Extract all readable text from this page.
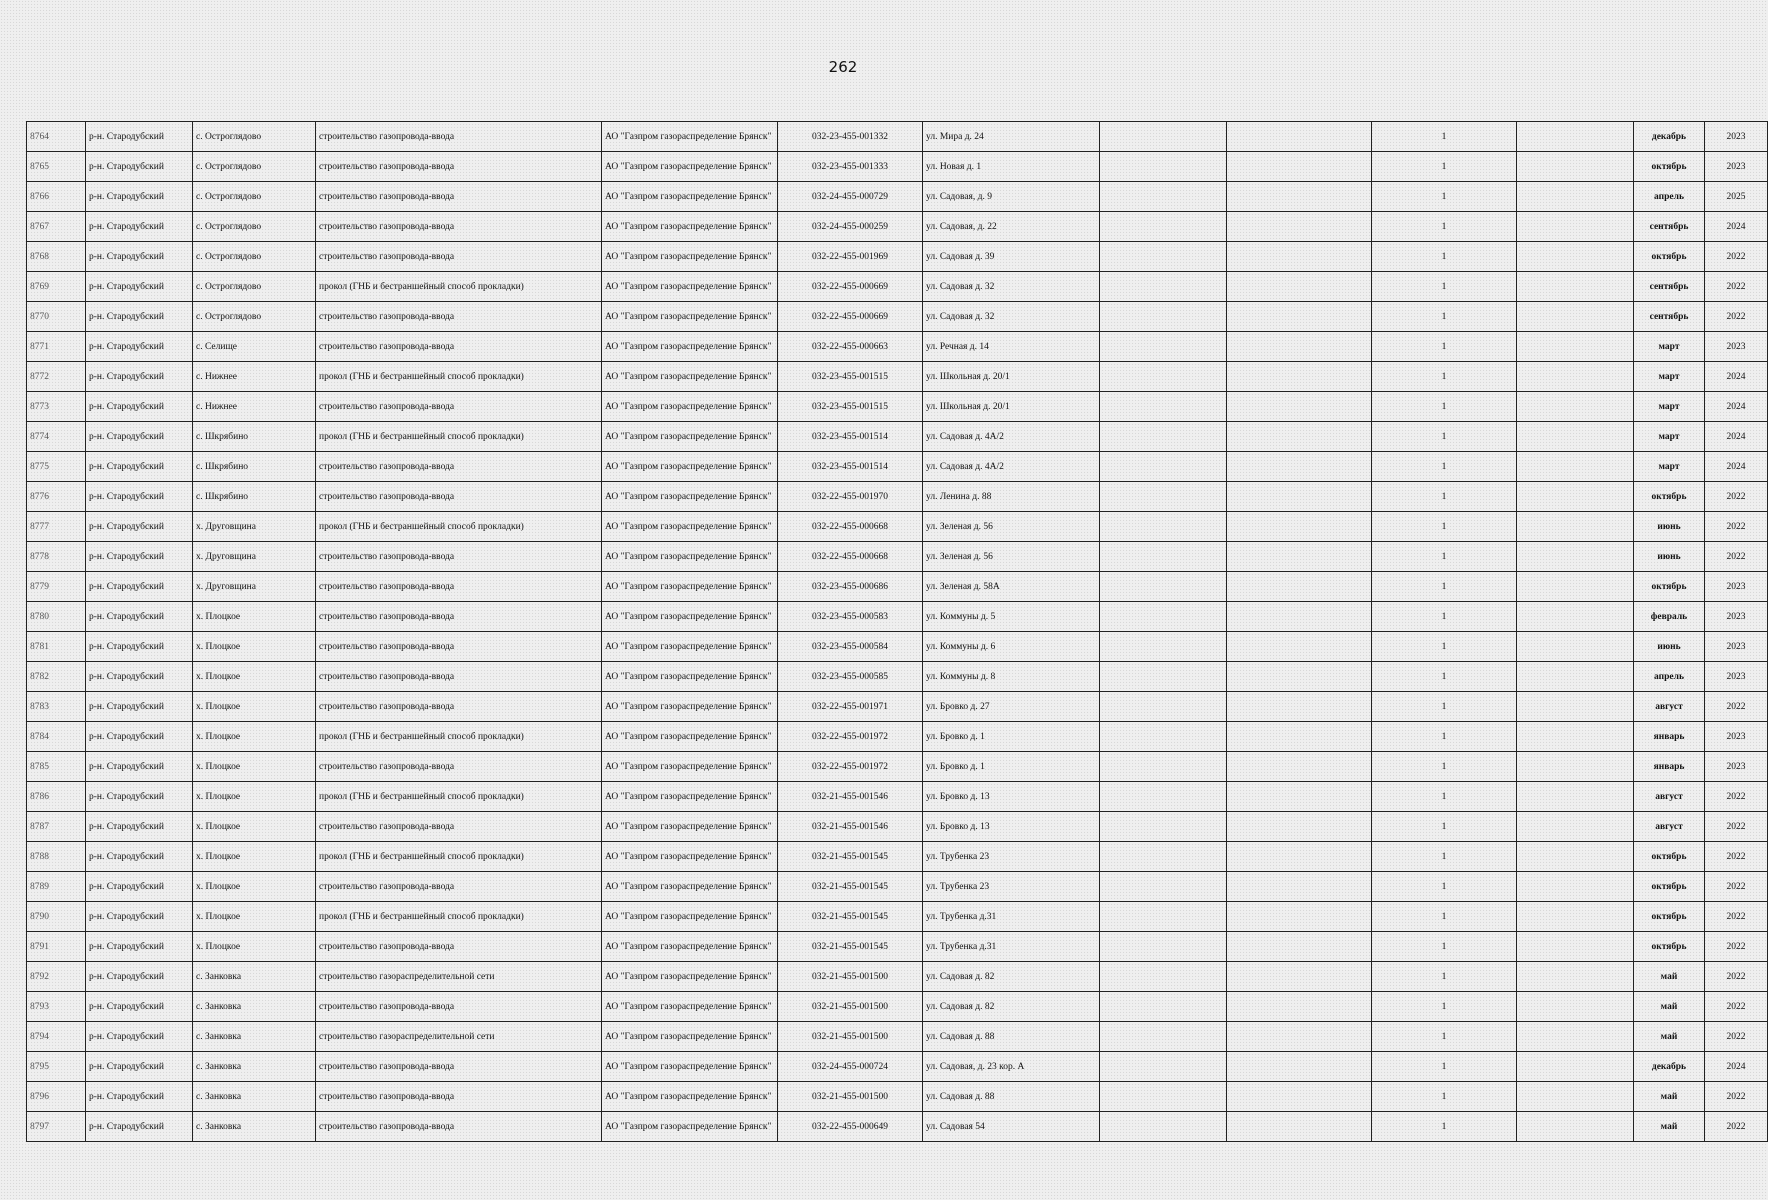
262
8764	р-н. Стародубский	с. Остроглядово	строительство газопровода-ввода	АО "Газпром газораспределение Брянск"	032-23-455-001332	ул. Мира д. 24			1		декабрь	2023
8765	р-н. Стародубский	с. Остроглядово	строительство газопровода-ввода	АО "Газпром газораспределение Брянск"	032-23-455-001333	ул. Новая д. 1			1		октябрь	2023
8766	р-н. Стародубский	с. Остроглядово	строительство газопровода-ввода	АО "Газпром газораспределение Брянск"	032-24-455-000729	ул. Садовая, д. 9			1		апрель	2025
8767	р-н. Стародубский	с. Остроглядово	строительство газопровода-ввода	АО "Газпром газораспределение Брянск"	032-24-455-000259	ул. Садовая, д. 22			1		сентябрь	2024
8768	р-н. Стародубский	с. Остроглядово	строительство газопровода-ввода	АО "Газпром газораспределение Брянск"	032-22-455-001969	ул. Садовая д. 39			1		октябрь	2022
8769	р-н. Стародубский	с. Остроглядово	прокол (ГНБ и бестраншейный способ прокладки)	АО "Газпром газораспределение Брянск"	032-22-455-000669	ул. Садовая д. 32			1		сентябрь	2022
8770	р-н. Стародубский	с. Остроглядово	строительство газопровода-ввода	АО "Газпром газораспределение Брянск"	032-22-455-000669	ул. Садовая д. 32			1		сентябрь	2022
8771	р-н. Стародубский	с. Селище	строительство газопровода-ввода	АО "Газпром газораспределение Брянск"	032-22-455-000663	ул. Речная д. 14			1		март	2023
8772	р-н. Стародубский	с. Нижнее	прокол (ГНБ и бестраншейный способ прокладки)	АО "Газпром газораспределение Брянск"	032-23-455-001515	ул. Школьная д. 20/1			1		март	2024
8773	р-н. Стародубский	с. Нижнее	строительство газопровода-ввода	АО "Газпром газораспределение Брянск"	032-23-455-001515	ул. Школьная д. 20/1			1		март	2024
8774	р-н. Стародубский	с. Шкрябино	прокол (ГНБ и бестраншейный способ прокладки)	АО "Газпром газораспределение Брянск"	032-23-455-001514	ул. Садовая д. 4А/2			1		март	2024
8775	р-н. Стародубский	с. Шкрябино	строительство газопровода-ввода	АО "Газпром газораспределение Брянск"	032-23-455-001514	ул. Садовая д. 4А/2			1		март	2024
8776	р-н. Стародубский	с. Шкрябино	строительство газопровода-ввода	АО "Газпром газораспределение Брянск"	032-22-455-001970	ул. Ленина д. 88			1		октябрь	2022
8777	р-н. Стародубский	х. Друговщина	прокол (ГНБ и бестраншейный способ прокладки)	АО "Газпром газораспределение Брянск"	032-22-455-000668	ул. Зеленая д. 56			1		июнь	2022
8778	р-н. Стародубский	х. Друговщина	строительство газопровода-ввода	АО "Газпром газораспределение Брянск"	032-22-455-000668	ул. Зеленая д. 56			1		июнь	2022
8779	р-н. Стародубский	х. Друговщина	строительство газопровода-ввода	АО "Газпром газораспределение Брянск"	032-23-455-000686	ул. Зеленая д. 58А			1		октябрь	2023
8780	р-н. Стародубский	х. Плоцкое	строительство газопровода-ввода	АО "Газпром газораспределение Брянск"	032-23-455-000583	ул. Коммуны д. 5			1		февраль	2023
8781	р-н. Стародубский	х. Плоцкое	строительство газопровода-ввода	АО "Газпром газораспределение Брянск"	032-23-455-000584	ул. Коммуны д. 6			1		июнь	2023
8782	р-н. Стародубский	х. Плоцкое	строительство газопровода-ввода	АО "Газпром газораспределение Брянск"	032-23-455-000585	ул. Коммуны д. 8			1		апрель	2023
8783	р-н. Стародубский	х. Плоцкое	строительство газопровода-ввода	АО "Газпром газораспределение Брянск"	032-22-455-001971	ул. Бровко д. 27			1		август	2022
8784	р-н. Стародубский	х. Плоцкое	прокол (ГНБ и бестраншейный способ прокладки)	АО "Газпром газораспределение Брянск"	032-22-455-001972	ул. Бровко д. 1			1		январь	2023
8785	р-н. Стародубский	х. Плоцкое	строительство газопровода-ввода	АО "Газпром газораспределение Брянск"	032-22-455-001972	ул. Бровко д. 1			1		январь	2023
8786	р-н. Стародубский	х. Плоцкое	прокол (ГНБ и бестраншейный способ прокладки)	АО "Газпром газораспределение Брянск"	032-21-455-001546	ул. Бровко д. 13			1		август	2022
8787	р-н. Стародубский	х. Плоцкое	строительство газопровода-ввода	АО "Газпром газораспределение Брянск"	032-21-455-001546	ул. Бровко д. 13			1		август	2022
8788	р-н. Стародубский	х. Плоцкое	прокол (ГНБ и бестраншейный способ прокладки)	АО "Газпром газораспределение Брянск"	032-21-455-001545	ул. Трубенка 23			1		октябрь	2022
8789	р-н. Стародубский	х. Плоцкое	строительство газопровода-ввода	АО "Газпром газораспределение Брянск"	032-21-455-001545	ул. Трубенка 23			1		октябрь	2022
8790	р-н. Стародубский	х. Плоцкое	прокол (ГНБ и бестраншейный способ прокладки)	АО "Газпром газораспределение Брянск"	032-21-455-001545	ул. Трубенка д.31			1		октябрь	2022
8791	р-н. Стародубский	х. Плоцкое	строительство газопровода-ввода	АО "Газпром газораспределение Брянск"	032-21-455-001545	ул. Трубенка д.31			1		октябрь	2022
8792	р-н. Стародубский	с. Занковка	строительство газораспределительной сети	АО "Газпром газораспределение Брянск"	032-21-455-001500	ул. Садовая д. 82			1		май	2022
8793	р-н. Стародубский	с. Занковка	строительство газопровода-ввода	АО "Газпром газораспределение Брянск"	032-21-455-001500	ул. Садовая д. 82			1		май	2022
8794	р-н. Стародубский	с. Занковка	строительство газораспределительной сети	АО "Газпром газораспределение Брянск"	032-21-455-001500	ул. Садовая д. 88			1		май	2022
8795	р-н. Стародубский	с. Занковка	строительство газопровода-ввода	АО "Газпром газораспределение Брянск"	032-24-455-000724	ул. Садовая, д. 23 кор. А			1		декабрь	2024
8796	р-н. Стародубский	с. Занковка	строительство газопровода-ввода	АО "Газпром газораспределение Брянск"	032-21-455-001500	ул. Садовая д. 88			1		май	2022
8797	р-н. Стародубский	с. Занковка	строительство газопровода-ввода	АО "Газпром газораспределение Брянск"	032-22-455-000649	ул. Садовая 54			1		май	2022
